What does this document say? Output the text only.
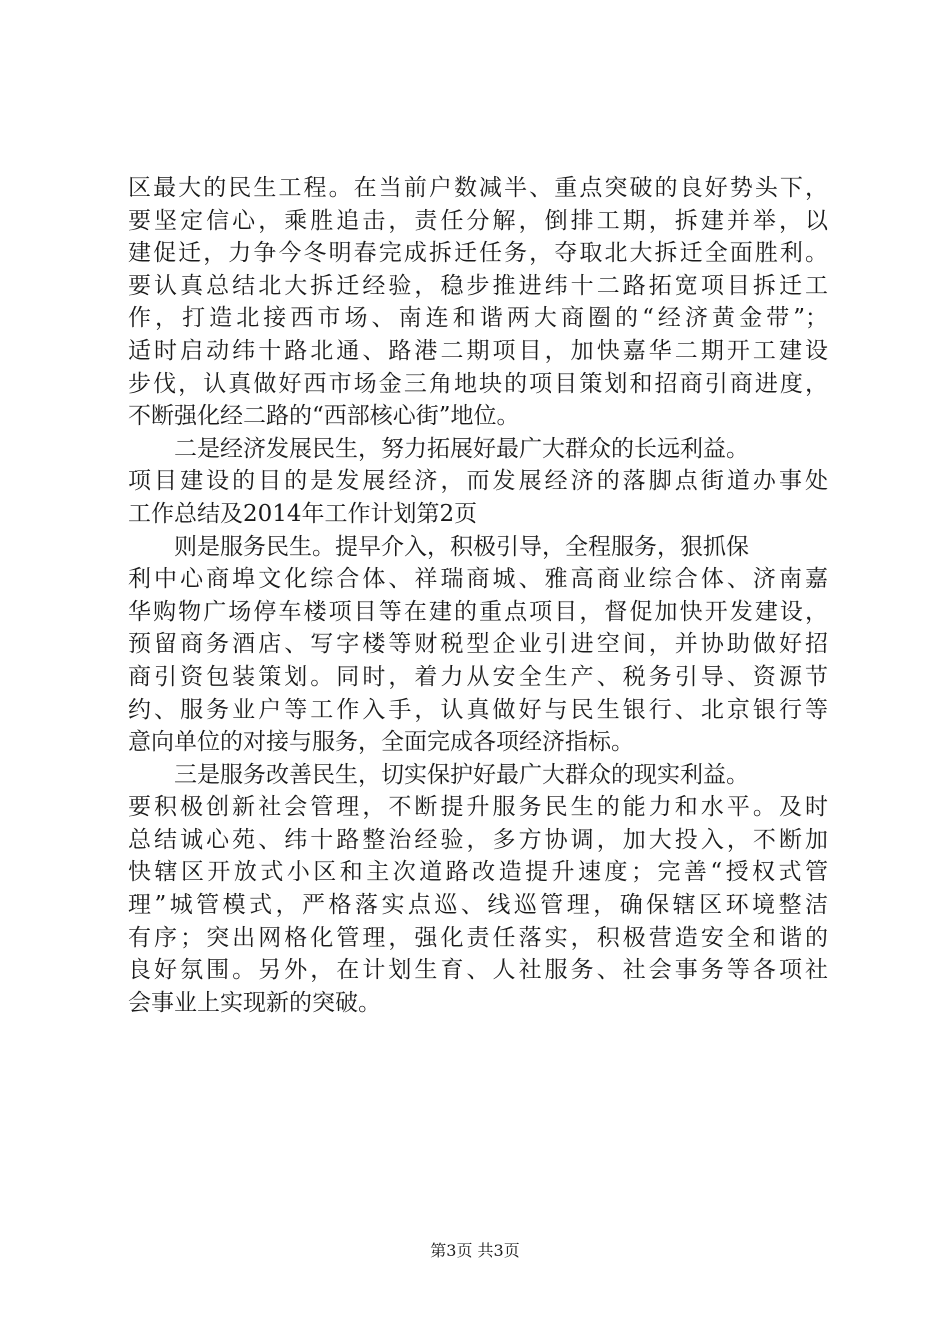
区最大的民生工程。在当前户数减半、重点突破的良好势头下，
要坚定信心，乘胜追击，责任分解，倒排工期，拆建并举，以
建促迁，力争今冬明春完成拆迁任务，夺取北大拆迁全面胜利。
要认真总结北大拆迁经验，稳步推进纬十二路拓宽项目拆迁工
作，打造北接西市场、南连和谐两大商圈的“经济黄金带”；
适时启动纬十路北通、路港二期项目，加快嘉华二期开工建设
步伐，认真做好西市场金三角地块的项目策划和招商引商进度，
不断强化经二路的“西部核心街”地位。
二是经济发展民生，努力拓展好最广大群众的长远利益。
项目建设的目的是发展经济，而发展经济的落脚点街道办事处
工作总结及2014年工作计划第2页
则是服务民生。提早介入，积极引导，全程服务，狠抓保
利中心商埠文化综合体、祥瑞商城、雅高商业综合体、济南嘉
华购物广场停车楼项目等在建的重点项目，督促加快开发建设，
预留商务酒店、写字楼等财税型企业引进空间，并协助做好招
商引资包装策划。同时，着力从安全生产、税务引导、资源节
约、服务业户等工作入手，认真做好与民生银行、北京银行等
意向单位的对接与服务，全面完成各项经济指标。
三是服务改善民生，切实保护好最广大群众的现实利益。
要积极创新社会管理，不断提升服务民生的能力和水平。及时
总结诚心苑、纬十路整治经验，多方协调，加大投入，不断加
快辖区开放式小区和主次道路改造提升速度；完善“授权式管
理”城管模式，严格落实点巡、线巡管理，确保辖区环境整洁
有序；突出网格化管理，强化责任落实，积极营造安全和谐的
良好氛围。另外，在计划生育、人社服务、社会事务等各项社
会事业上实现新的突破。
第3页 共3页
